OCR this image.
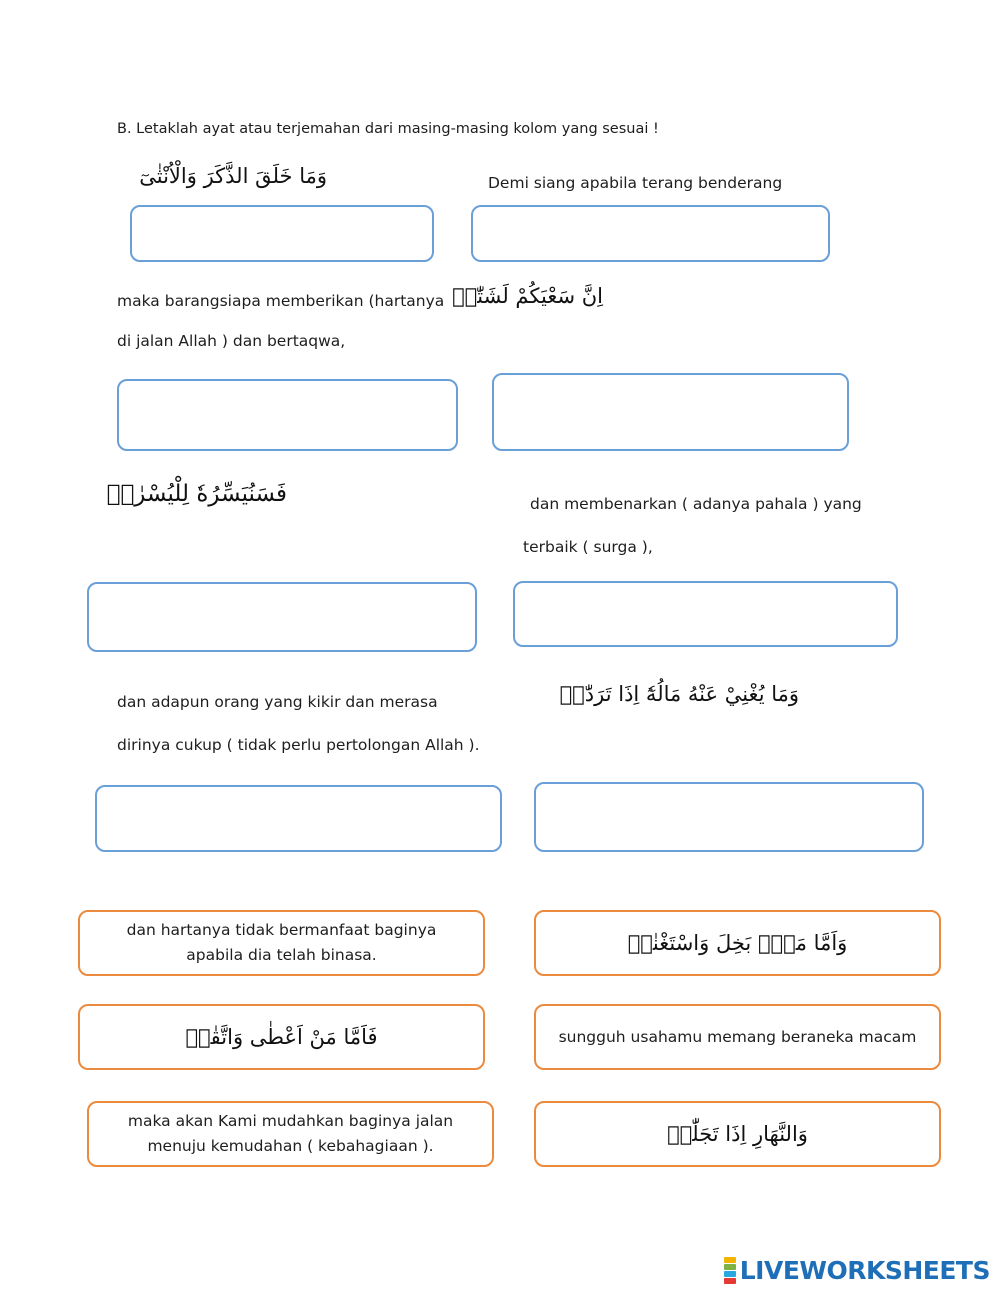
B. Letaklah ayat atau terjemahan dari masing-masing kolom yang sesuai !
وَمَا خَلَقَ الذَّكَرَ وَالْاُنْثٰىٓ	Demi siang apabila terang benderang
maka barangsiapa memberikan (hartanya
di jalan Allah ) dan bertaqwa,
اِنَّ سَعْيَكُمْ لَشَتّٰىۗ
فَسَنُيَسِّرُهٗ لِلْيُسْرٰىۗ	dan membenarkan ( adanya pahala ) yang
terbaik ( surga ),
dan adapun orang yang kikir dan merasa
dirinya cukup ( tidak perlu pertolongan Allah ).
وَمَا يُغْنِيْ عَنْهُ مَالُهٗٓ اِذَا تَرَدّٰىۗ
dan hartanya tidak bermanfaat baginya apabila dia telah binasa.	وَاَمَّا مَنْۢ بَخِلَ وَاسْتَغْنٰىۙ
فَاَمَّا مَنْ اَعْطٰى وَاتَّقٰىۙ	sungguh usahamu memang beraneka macam
maka akan Kami mudahkan baginya jalan menuju kemudahan ( kebahagiaan ).	وَالنَّهَارِ اِذَا تَجَلّٰىۙ
LIVEWORKSHEETS
